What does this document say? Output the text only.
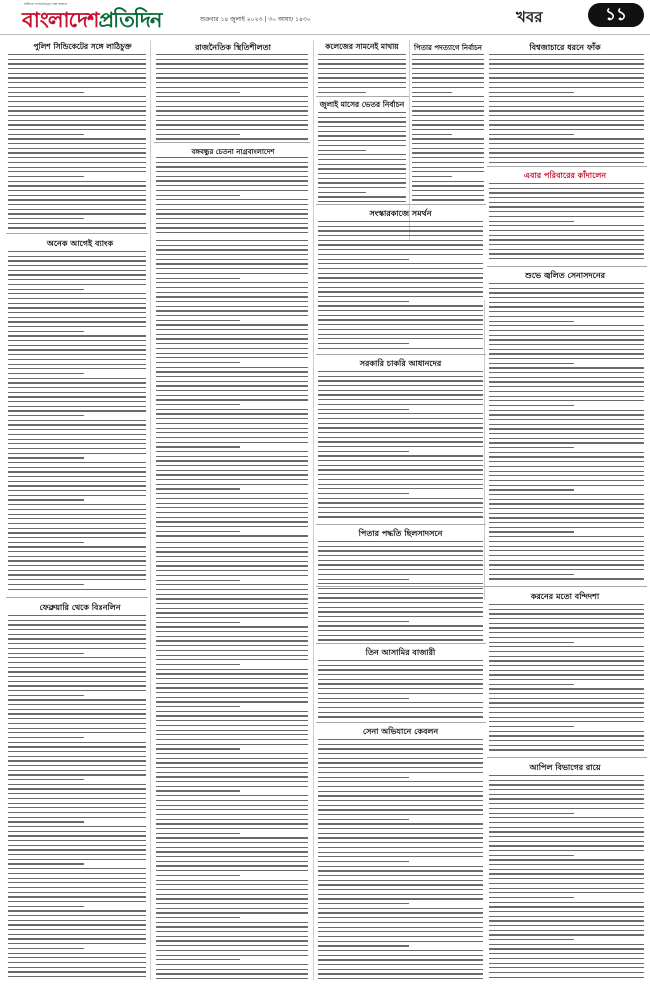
স্বাধীনতা সার্বভৌমত্বের পক্ষে অবিচল
বাংলাদেশপ্রতিদিন	শুক্রবার ১৪ জুলাই ২০২৩ | ৩০ আষাঢ় ১৪৩০	খবর	১১
পুলিশ সিন্ডিকেটের সঙ্গে লাঠিচুক্ত
অনেক আগেই ব্যাংক
ফেব্রুয়ারি থেকে বিঃনলিন
রাজনৈতিক স্থিতিশীলতা
বঙ্গবন্ধুর চেতনা নাগ্রবাংলাদেশ
কলেজের সামনেই মাথায়
জুলাই মাসের ভেতর নির্বাচন
সংস্কারকাজে সমর্থন
সরকারি চাকরি আধানদের
পিতার পদ্ধতি ছিলসাদসনে
তিন আসামির বাজারী
সেনা অভিযানে কেবলন
পিতার পদত্যাগে নির্বাচন	বিশ্বজাচারে ধরনে ফাঁক
এবার পরিবারের কাঁদালেন
শুভে জ্বলিত সেনাসদনের
করনের মতো বন্দিদশা
আপিল বিভাগের রায়ে
